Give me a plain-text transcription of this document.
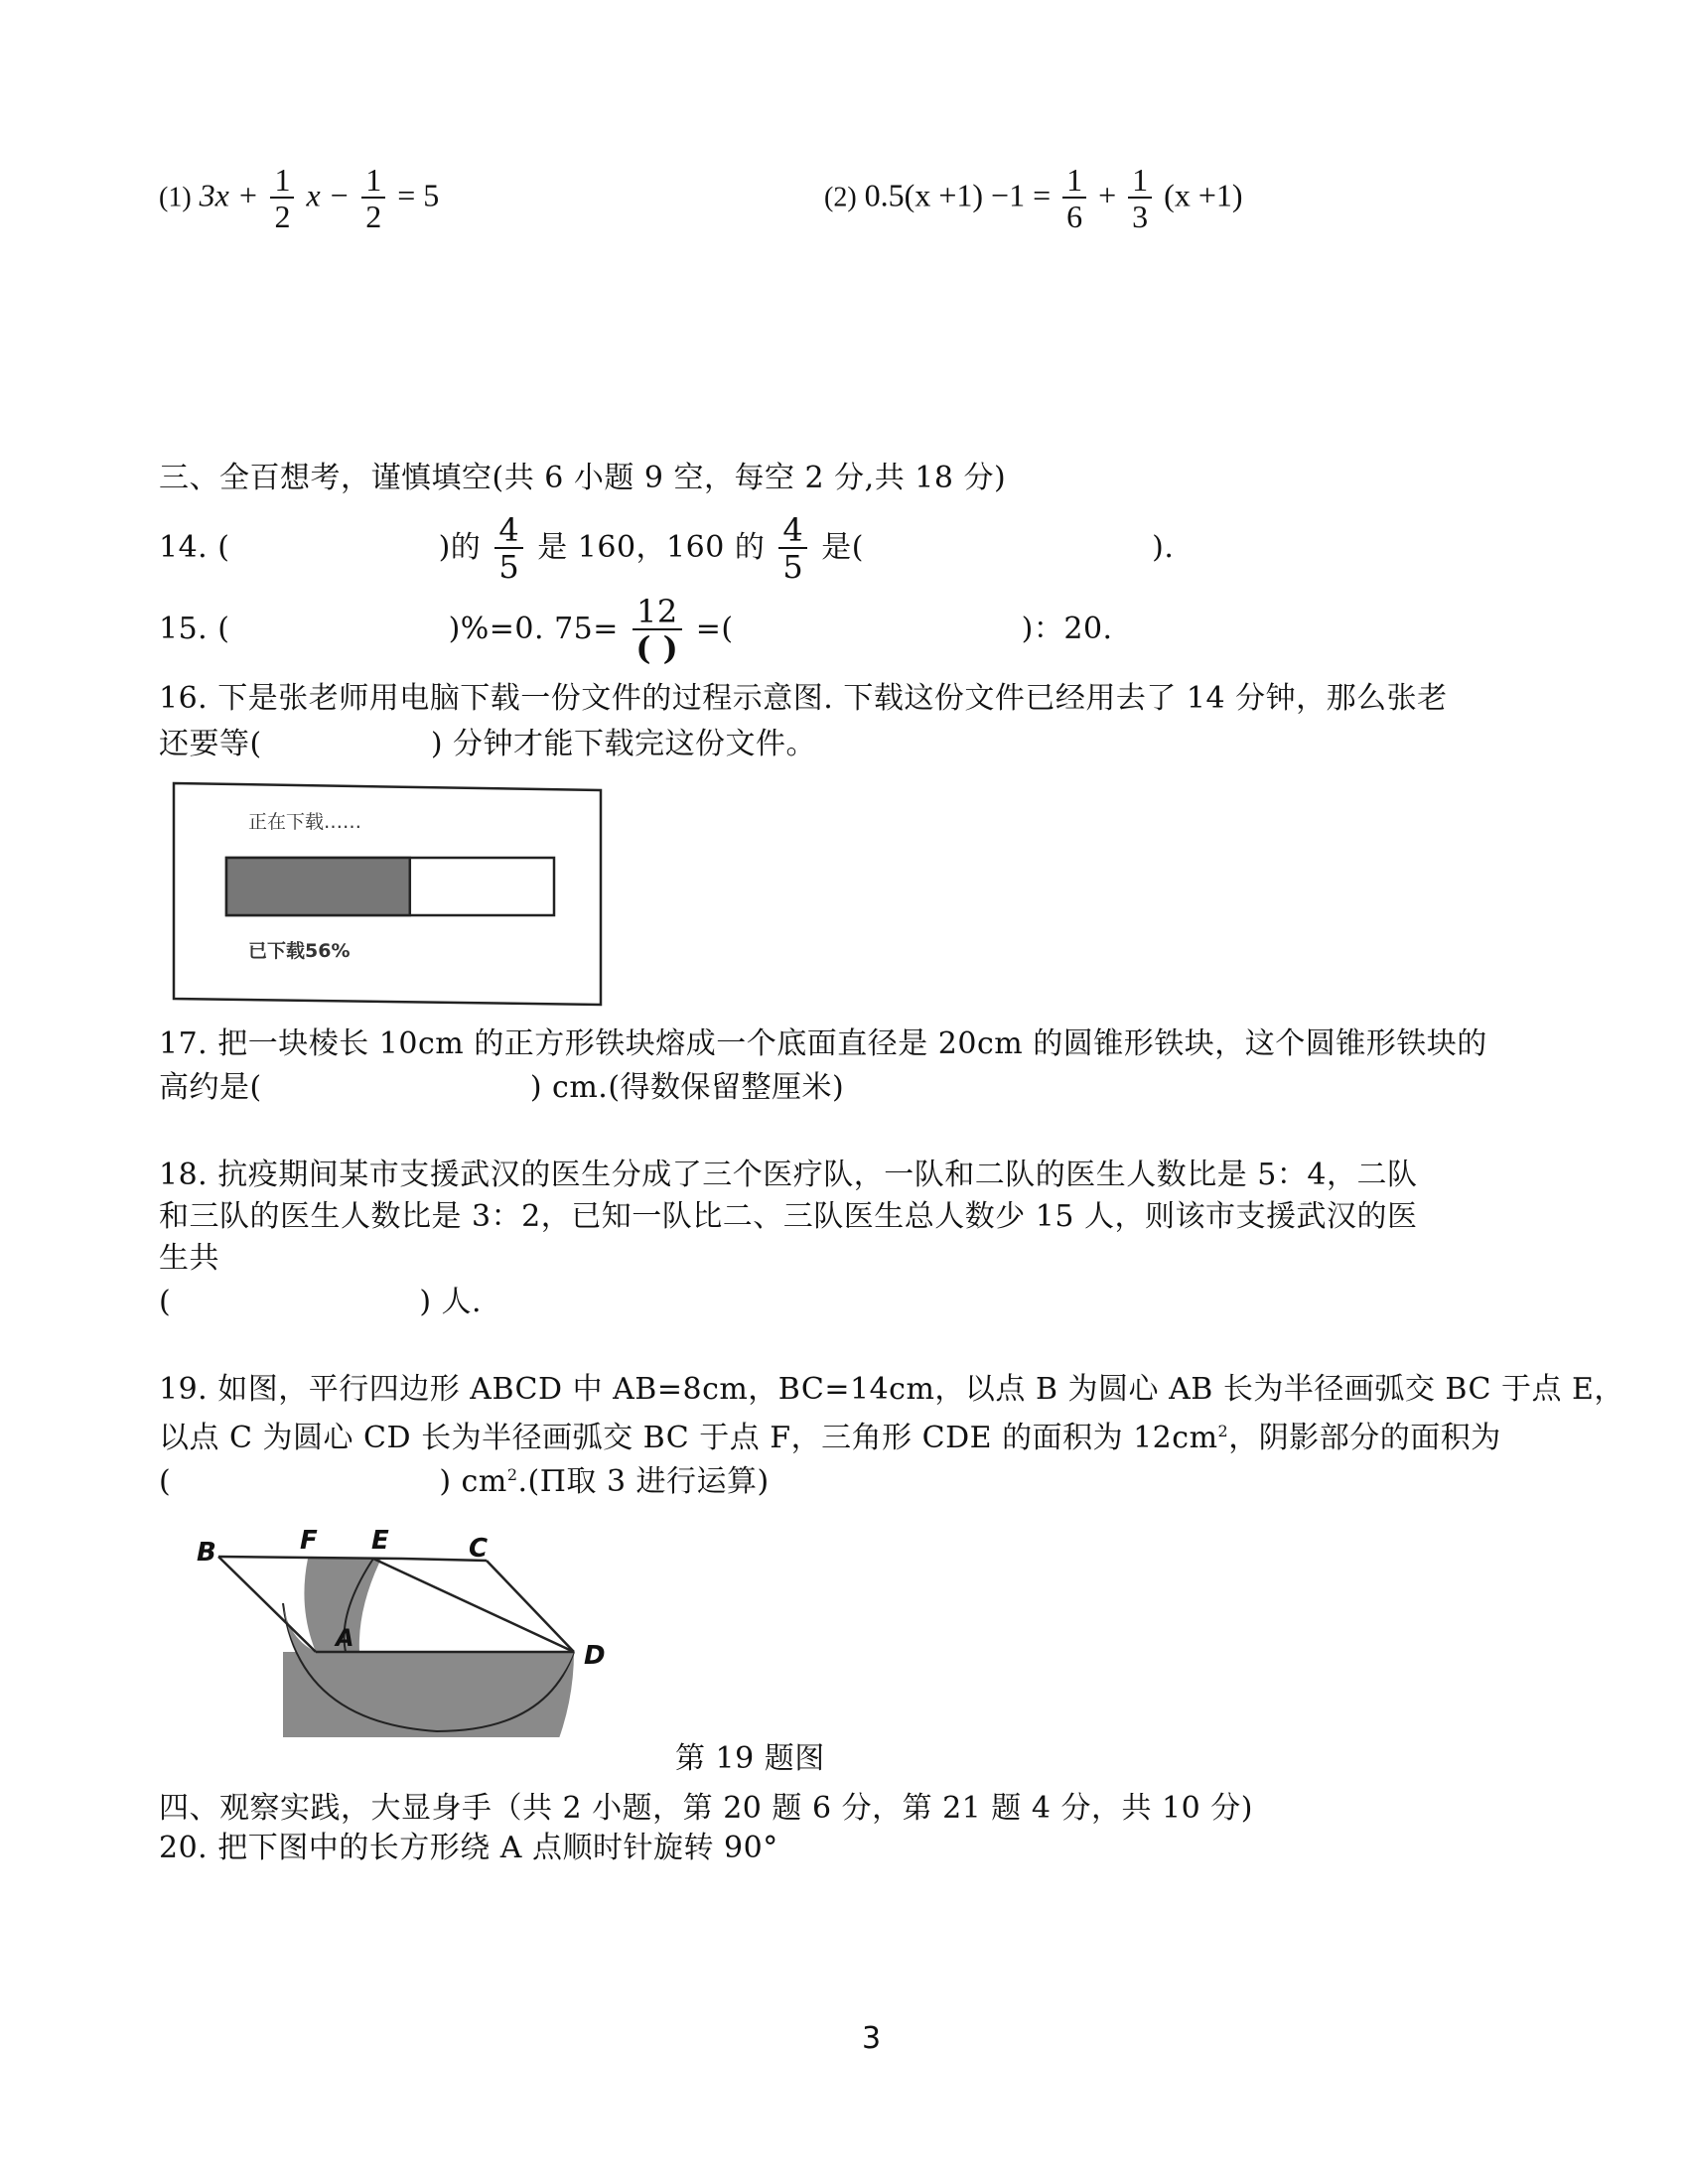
(1) $3x + \frac{1}{2}$ $x - \frac{1}{2} = 5$	(2) $0.5(x +1) -1 = \frac{1}{6} + \frac{1}{3} (x +1)$
三、全百想考，谨慎填空(共 6 小题 9 空，每空 2 分,共 18 分)
14. (	)的 $\frac{4}{5}$ 是 160，160 的 $\frac{4}{5}$ 是(	).
15. (	)%=0. $75= \frac{12}{( )}$ =(	)：20.
16. 下是张老师用电脑下载一份文件的过程示意图. 下载这份文件已经用去了 14 分钟，那么张老
还要等(	) 分钟才能下载完这份文件。
正在下载……
已下载56%
17. 把一块棱长 10cm 的正方形铁块熔成一个底面直径是 20cm 的圆锥形铁块，这个圆锥形铁块的
高约是(	) cm.(得数保留整厘米)
18. 抗疫期间某市支援武汉的医生分成了三个医疗队，一队和二队的医生人数比是 5：4，二队
和三队的医生人数比是 3：2，已知一队比二、三队医生总人数少 15 人，则该市支援武汉的医
生共
(	) 人.
19. 如图，平行四边形 ABCD 中 AB=8cm，BC=14cm，以点 B 为圆心 AB 长为半径画弧交 BC 于点 E，
以点 C 为圆心 CD 长为半径画弧交 BC 于点 F，三角形 CDE 的面积为 $12cm^2$，阴影部分的面积为
(	) $cm^2.(\Pi$取 3 进行运算)
B	F E	C
A
D
第 19 题图
四、观察实践，大显身手（共 2 小题，第 20 题 6 分，第 21 题 4 分，共 10 分)
20. 把下图中的长方形绕 A 点顺时针旋转 90°
3
